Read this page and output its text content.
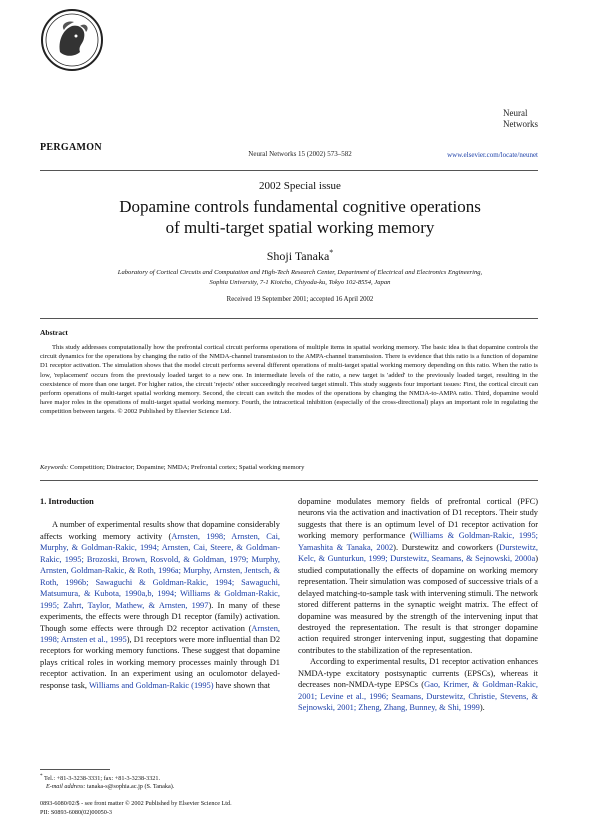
PERGAMON
Neural
Networks
Neural Networks 15 (2002) 573–582	www.elsevier.com/locate/neunet
2002 Special issue
Dopamine controls fundamental cognitive operations
of multi-target spatial working memory
Shoji Tanaka*
Laboratory of Cortical Circuits and Computation and High-Tech Research Center, Department of Electrical and Electronics Engineering,
Sophia University, 7-1 Kioicho, Chiyoda-ku, Tokyo 102-8554, Japan
Received 19 September 2001; accepted 16 April 2002
Abstract

This study addresses computationally how the prefrontal cortical circuit performs operations of multiple items in spatial working memory. The basic idea is that dopamine controls the circuit dynamics for the operations by changing the ratio of the NMDA-channel transmission to the AMPA-channel transmission. There is evidence that this ratio is a function of dopamine D1 receptor activation. The simulation shows that the model circuit performs several different operations of multi-target spatial working memory depending on this ratio. When the ratio is low, 'replacement' occurs from the previously loaded target to a new one. In intermediate levels of the ratio, a new target is 'added' to the previously loaded target, resulting in the coexistence of more than one target. For higher ratios, the circuit 'rejects' other succeedingly received target stimuli. This study suggests four important issues: First, the cortical circuit can perform operations of multi-target spatial working memory. Second, the circuit can switch the modes of the operations by changing the NMDA-to-AMPA ratio. Third, dopamine would have major roles in the operations of multi-target spatial working memory. Fourth, the intracortical inhibition (especially of the cross-directional) plays an important role in regulating the competition between targets. © 2002 Published by Elsevier Science Ltd.

Keywords: Competition; Distractor; Dopamine; NMDA; Prefrontal cortex; Spatial working memory
1. Introduction

A number of experimental results show that dopamine considerably affects working memory activity (Arnsten, 1998; Arnsten, Cai, Murphy, & Goldman-Rakic, 1994; Arnsten, Cai, Steere, & Goldman-Rakic, 1995; Brozoski, Brown, Rosvold, & Goldman, 1979; Murphy, Arnsten, Goldman-Rakic, & Roth, 1996a; Murphy, Arnsten, Jentsch, & Roth, 1996b; Sawaguchi & Goldman-Rakic, 1994; Sawaguchi, Matsumura, & Kubota, 1990a,b, 1994; Williams & Goldman-Rakic, 1995; Zahrt, Taylor, Mathew, & Arnsten, 1997). In many of these experiments, the effects were through D1 receptor (family) activation. Though some effects were through D2 receptor activation (Arnsten, 1998; Arnsten et al., 1995), D1 receptors were more influential than D2 receptors for working memory functions. These suggest that dopamine plays critical roles in working memory processes mainly through D1 receptor activation. In an experiment using an oculomotor delayed-response task, Williams and Goldman-Rakic (1995) have shown that

dopamine modulates memory fields of prefrontal cortical (PFC) neurons via the activation and inactivation of D1 receptors. Their study suggests that there is an optimum level of D1 receptor activation for working memory performance (Williams & Goldman-Rakic, 1995; Yamashita & Tanaka, 2002). Durstewitz and coworkers (Durstewitz, Kelc, & Gunturkun, 1999; Durstewitz, Seamans, & Sejnowski, 2000a) studied computationally the effects of dopamine on working memory representation. Their simulation was composed of successive trials of a delayed matching-to-sample task with intervening stimuli. The network stored different patterns in the synaptic weight matrix. The effect of dopamine was measured by the strength of the intervening input that destroyed the representation. The result is that stronger dopamine action required stronger intervening input, suggesting that dopamine contributes to the stabilization of the representation.

According to experimental results, D1 receptor activation enhances NMDA-type excitatory postsynaptic currents (EPSCs), whereas it decreases non-NMDA-type EPSCs (Gao, Krimer, & Goldman-Rakic, 2001; Levine et al., 1996; Seamans, Durstewitz, Christie, Stevens, & Sejnowski, 2001; Zheng, Zhang, Bunney, & Shi, 1999).

* Tel.: +81-3-3238-3331; fax: +81-3-3238-3321.
E-mail address: tanaka-s@sophia.ac.jp (S. Tanaka).
0893-6080/02/$ - see front matter © 2002 Published by Elsevier Science Ltd.
PII: S0893-6080(02)00050-3
